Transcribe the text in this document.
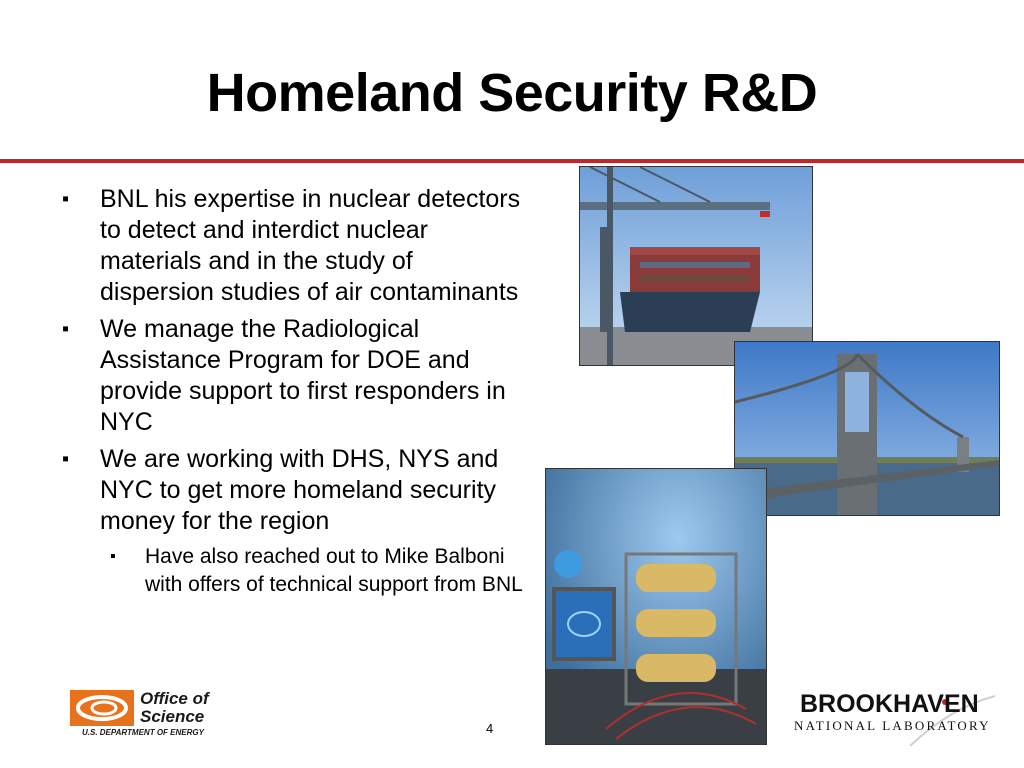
Homeland Security R&D
▪ BNL his expertise in nuclear detectors to detect and interdict nuclear materials and in the study of dispersion studies of air contaminants
▪ We manage the Radiological Assistance Program for DOE and provide support to first responders in NYC
▪ We are working with DHS, NYS and NYC to get more homeland security money for the region
▪ Have also reached out to Mike Balboni with offers of technical support from BNL
Office of
Science
U.S. DEPARTMENT OF ENERGY	4
BROOKHAVEN
NATIONAL LABORATORY
